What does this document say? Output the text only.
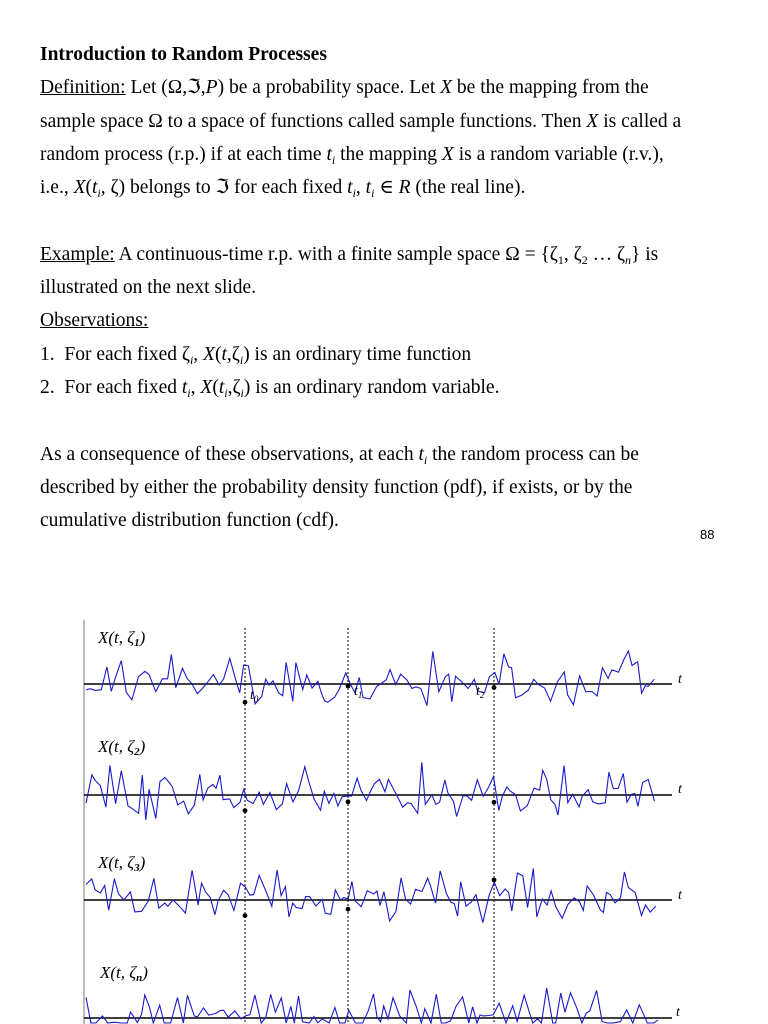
Introduction to Random Processes
Definition: Let (Ω,ℑ,P) be a probability space. Let X be the mapping from the
sample space Ω to a space of functions called sample functions. Then X is called a
random process (r.p.) if at each time $t_i$ the mapping X is a random variable (r.v.),
i.e., $X(t_i$, ζ) belongs to ℑ for each fixed $t_i$, $t_i$ ∈ R (the real line).
Example: A continuous-time r.p. with a finite sample space $\Omega = \{\zeta_1$, $\zeta_2$ … $\zeta_n$} is
illustrated on the next slide.
Observations:
1. For each fixed $\zeta_i$, $X(t,\zeta_i)$ is an ordinary time function
2. For each fixed $t_i$, $X(t_i,\zeta_i)$ is an ordinary random variable.
As a consequence of these observations, at each $t_i$ the random process can be
described by either the probability density function (pdf), if exists, or by the
cumulative distribution function (cdf).
88
X(t, $\zeta_1$)
X(t, $\zeta_2$)
X(t, $\zeta_3$)
X(t, $\zeta_n$)
t
t
t
t
$t_0$	$t_1$	$t_2$
